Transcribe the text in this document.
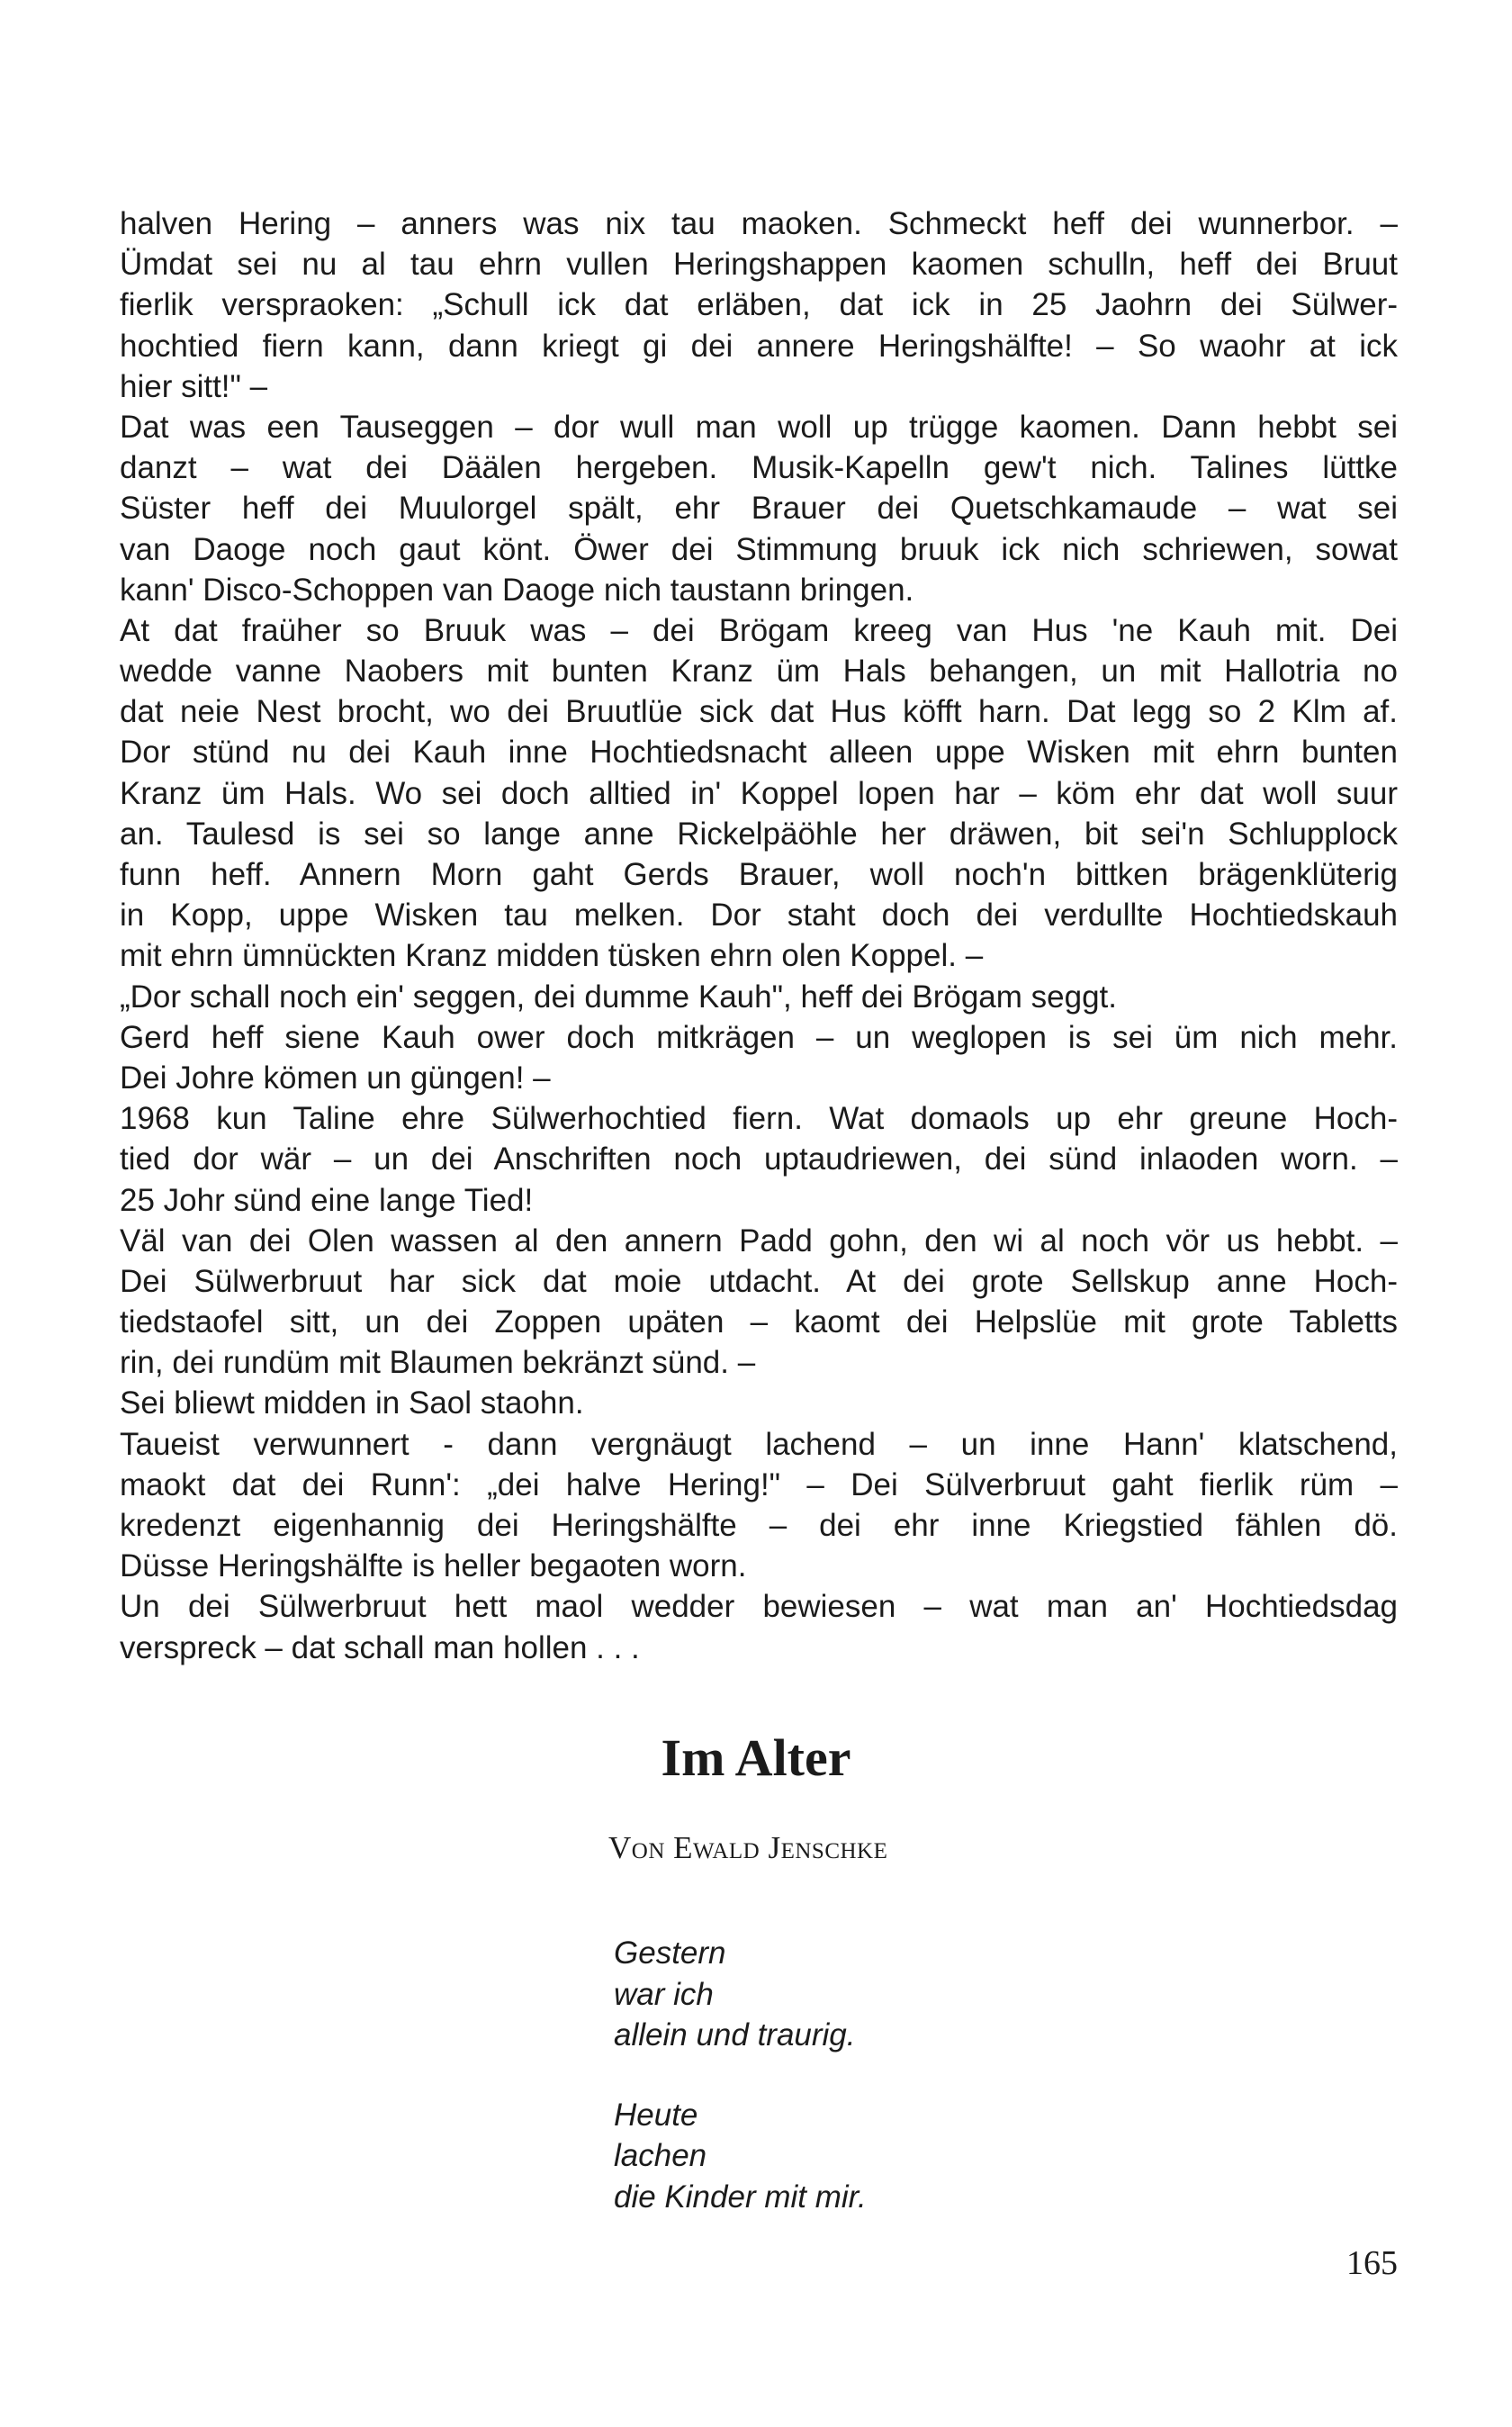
halven Hering – anners was nix tau maoken. Schmeckt heff dei wunnerbor. –
Ümdat sei nu al tau ehrn vullen Heringshappen kaomen schulln, heff dei Bruut
fierlik verspraoken: „Schull ick dat erläben, dat ick in 25 Jaohrn dei Sülwer-
hochtied fiern kann, dann kriegt gi dei annere Heringshälfte! – So waohr at ick
hier sitt!" –
Dat was een Tauseggen – dor wull man woll up trügge kaomen. Dann hebbt sei
danzt – wat dei Däälen hergeben. Musik-Kapelln gew't nich. Talines lüttke
Süster heff dei Muulorgel spält, ehr Brauer dei Quetschkamaude – wat sei
van Daoge noch gaut könt. Öwer dei Stimmung bruuk ick nich schriewen, sowat
kann' Disco-Schoppen van Daoge nich taustann bringen.
At dat fraüher so Bruuk was – dei Brögam kreeg van Hus 'ne Kauh mit. Dei
wedde vanne Naobers mit bunten Kranz üm Hals behangen, un mit Hallotria no
dat neie Nest brocht, wo dei Bruutlüe sick dat Hus köfft harn. Dat legg so 2 Klm af.
Dor stünd nu dei Kauh inne Hochtiedsnacht alleen uppe Wisken mit ehrn bunten
Kranz üm Hals. Wo sei doch alltied in' Koppel lopen har – köm ehr dat woll suur
an. Taulesd is sei so lange anne Rickelpäöhle her dräwen, bit sei'n Schlupplock
funn heff. Annern Morn gaht Gerds Brauer, woll noch'n bittken brägenklüterig
in Kopp, uppe Wisken tau melken. Dor staht doch dei verdullte Hochtiedskauh
mit ehrn ümnückten Kranz midden tüsken ehrn olen Koppel. –
„Dor schall noch ein' seggen, dei dumme Kauh", heff dei Brögam seggt.
Gerd heff siene Kauh ower doch mitkrägen – un weglopen is sei üm nich mehr.
Dei Johre kömen un güngen! –
1968 kun Taline ehre Sülwerhochtied fiern. Wat domaols up ehr greune Hoch-
tied dor wär – un dei Anschriften noch uptaudriewen, dei sünd inlaoden worn. –
25 Johr sünd eine lange Tied!
Väl van dei Olen wassen al den annern Padd gohn, den wi al noch vör us hebbt. –
Dei Sülwerbruut har sick dat moie utdacht. At dei grote Sellskup anne Hoch-
tiedstaofel sitt, un dei Zoppen upäten – kaomt dei Helpslüe mit grote Tabletts
rin, dei rundüm mit Blaumen bekränzt sünd. –
Sei bliewt midden in Saol staohn.
Taueist verwunnert - dann vergnäugt lachend – un inne Hann' klatschend,
maokt dat dei Runn': „dei halve Hering!" – Dei Sülverbruut gaht fierlik rüm –
kredenzt eigenhannig dei Heringshälfte – dei ehr inne Kriegstied fählen dö.
Düsse Heringshälfte is heller begaoten worn.
Un dei Sülwerbruut hett maol wedder bewiesen – wat man an' Hochtiedsdag
verspreck – dat schall man hollen . . .
Im Alter
Von Ewald Jenschke
Gestern
war ich
allein und traurig.
Heute
lachen
die Kinder mit mir.
165
